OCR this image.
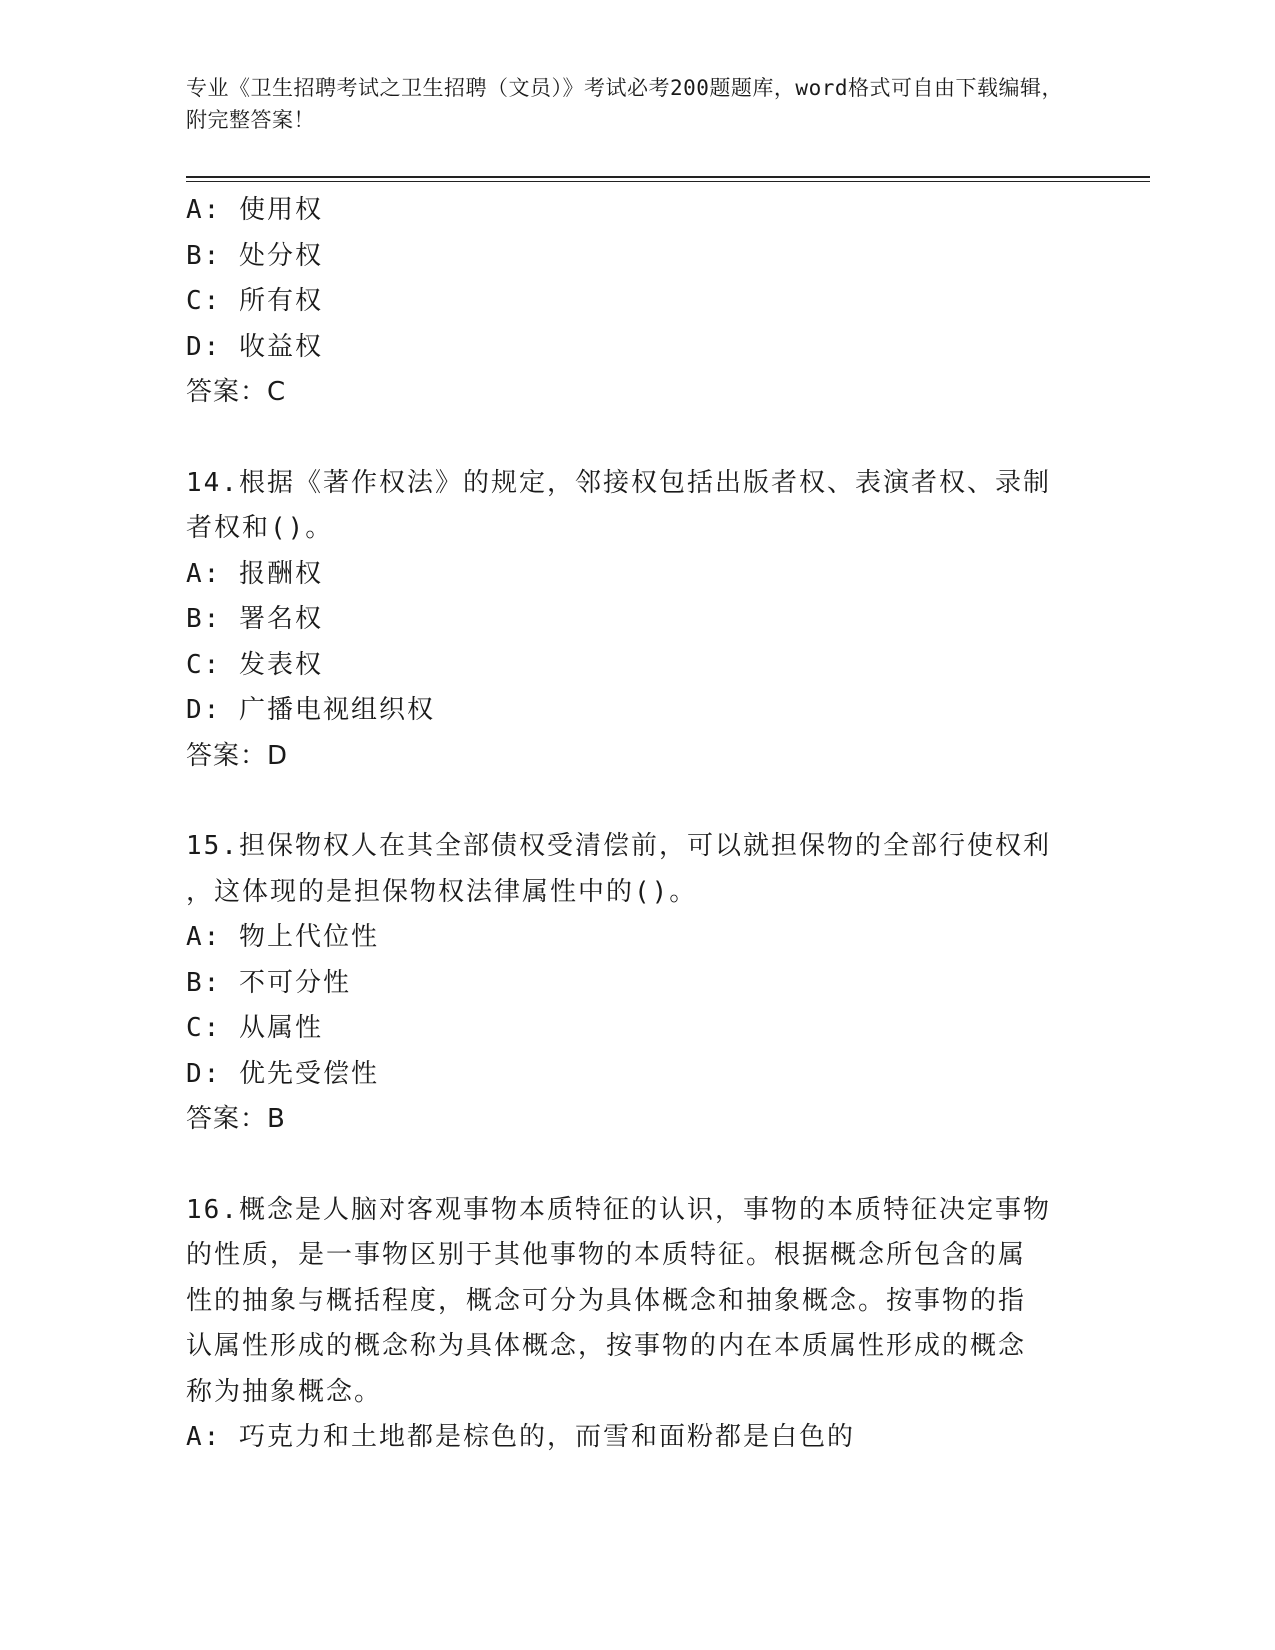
专业《卫生招聘考试之卫生招聘（文员）》考试必考200题题库，word格式可自由下载编辑，附完整答案！
A: 使用权
B: 处分权
C: 所有权
D: 收益权
答案：C
14.根据《著作权法》的规定，邻接权包括出版者权、表演者权、录制
者权和()。
A: 报酬权
B: 署名权
C: 发表权
D: 广播电视组织权
答案：D
15.担保物权人在其全部债权受清偿前，可以就担保物的全部行使权利
，这体现的是担保物权法律属性中的()。
A: 物上代位性
B: 不可分性
C: 从属性
D: 优先受偿性
答案：B
16.概念是人脑对客观事物本质特征的认识，事物的本质特征决定事物
的性质，是一事物区别于其他事物的本质特征。根据概念所包含的属
性的抽象与概括程度，概念可分为具体概念和抽象概念。按事物的指
认属性形成的概念称为具体概念，按事物的内在本质属性形成的概念
称为抽象概念。
A: 巧克力和土地都是棕色的，而雪和面粉都是白色的
